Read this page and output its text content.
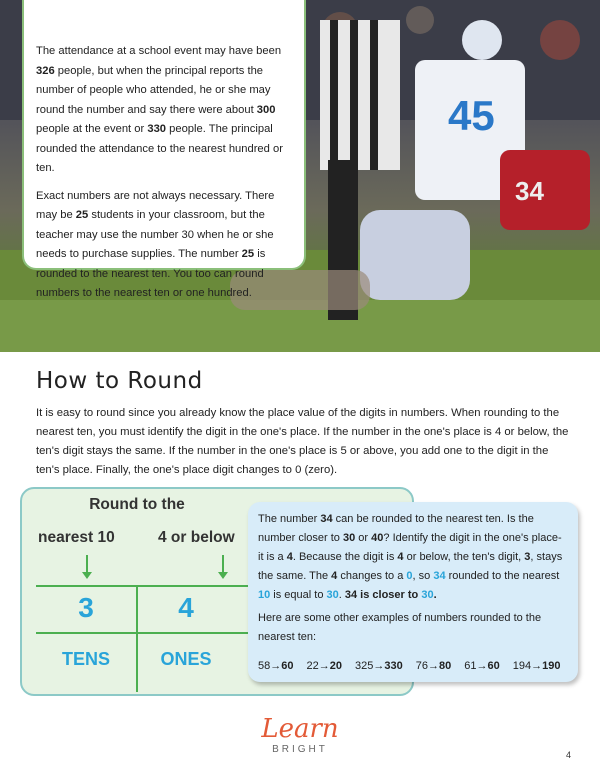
45
34

The attendance at a school event may have been 326 people, but when the principal reports the number of people who attended, he or she may round the number and say there were about 300 people at the event or 330 people. The principal rounded the attendance to the nearest hundred or ten.

Exact numbers are not always necessary. There may be 25 students in your classroom, but the teacher may use the number 30 when he or she needs to purchase supplies. The number 25 is rounded to the nearest ten. You too can round numbers to the nearest ten or one hundred.

How to Round
It is easy to round since you already know the place value of the digits in numbers. When rounding to the nearest ten, you must identify the digit in the one's place. If the number in the one's place is 4 or below, the ten's digit stays the same. If the number in the one's place is 5 or above, you add one to the digit in the ten's place. Finally, the one's place digit changes to 0 (zero).
Round to the
nearest 10	4 or below
3	4
TENS	ONES

The number 34 can be rounded to the nearest ten. Is the number closer to 30 or 40? Identify the digit in the one's place- it is a 4. Because the digit is 4 or below, the ten's digit, 3, stays the same. The 4 changes to a 0, so 34 rounded to the nearest 10 is equal to 30. 34 is closer to 30.

Here are some other examples of numbers rounded to the nearest ten:

58→60 22→20 325→330 76→80 61→60 194→190
Learn
BRIGHT	4
